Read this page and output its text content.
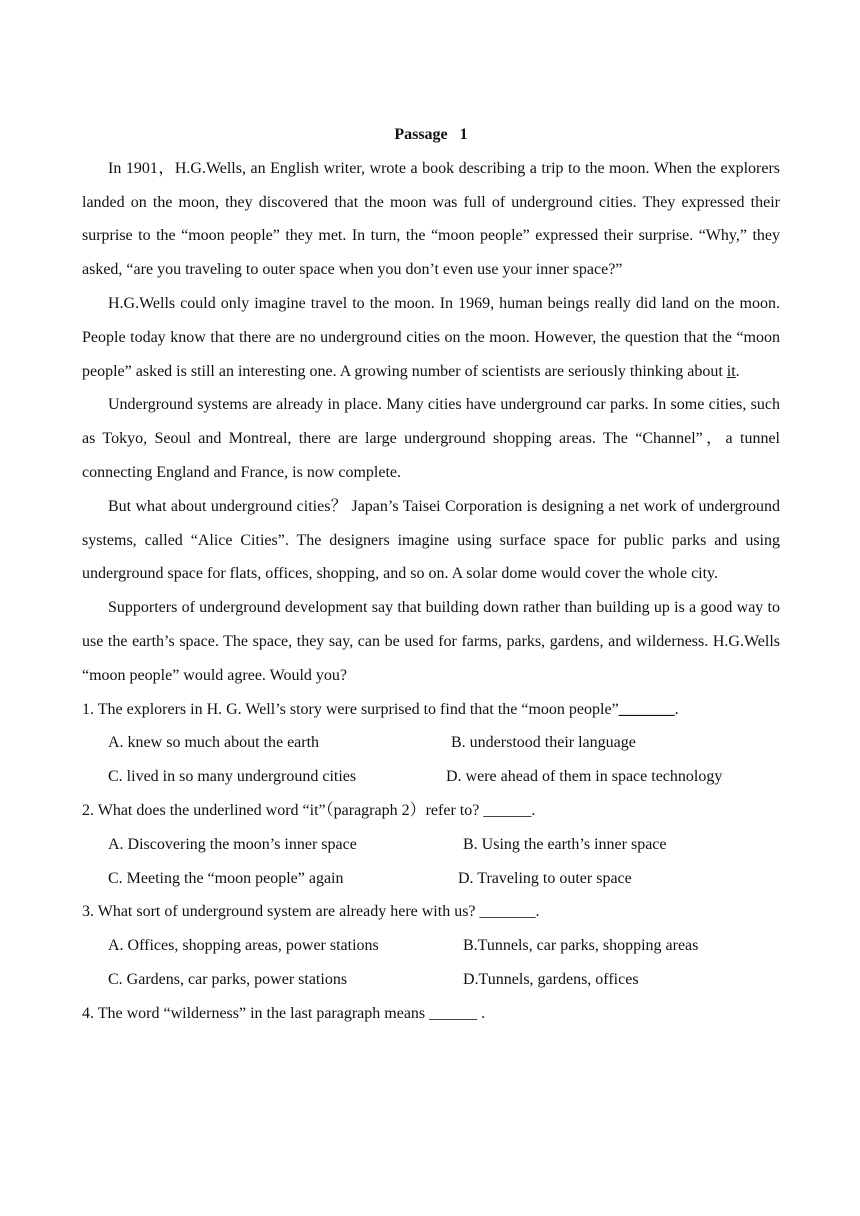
Passage 1

In 1901，H.G.Wells, an English writer, wrote a book describing a trip to the moon. When the explorers landed on the moon, they discovered that the moon was full of underground cities. They expressed their surprise to the “moon people” they met. In turn, the “moon people” expressed their surprise. “Why,” they asked, “are you traveling to outer space when you don’t even use your inner space?”

H.G.Wells could only imagine travel to the moon. In 1969, human beings really did land on the moon. People today know that there are no underground cities on the moon. However, the question that the “moon people” asked is still an interesting one. A growing number of scientists are seriously thinking about it.

Underground systems are already in place. Many cities have underground car parks. In some cities, such as Tokyo, Seoul and Montreal, there are large underground shopping areas. The “Channel”，a tunnel connecting England and France, is now complete.

But what about underground cities？ Japan’s Taisei Corporation is designing a net work of underground systems, called “Alice Cities”. The designers imagine using surface space for public parks and using underground space for flats, offices, shopping, and so on. A solar dome would cover the whole city.

Supporters of underground development say that building down rather than building up is a good way to use the earth’s space. The space, they say, can be used for farms, parks, gardens, and wilderness. H.G.Wells “moon people” would agree. Would you?

1. The explorers in H. G. Well’s story were surprised to find that the “moon people”_______.

A. knew so much about the earth	B. understood their language
C. lived in so many underground cities	D. were ahead of them in space technology

2. What does the underlined word “it”（paragraph 2）refer to? ______.

A. Discovering the moon’s inner space	B. Using the earth’s inner space
C. Meeting the “moon people” again	D. Traveling to outer space

3. What sort of underground system are already here with us? _______.

A. Offices, shopping areas, power stations	B.Tunnels, car parks, shopping areas
C. Gardens, car parks, power stations	D.Tunnels, gardens, offices

4. The word “wilderness” in the last paragraph means ______ .
